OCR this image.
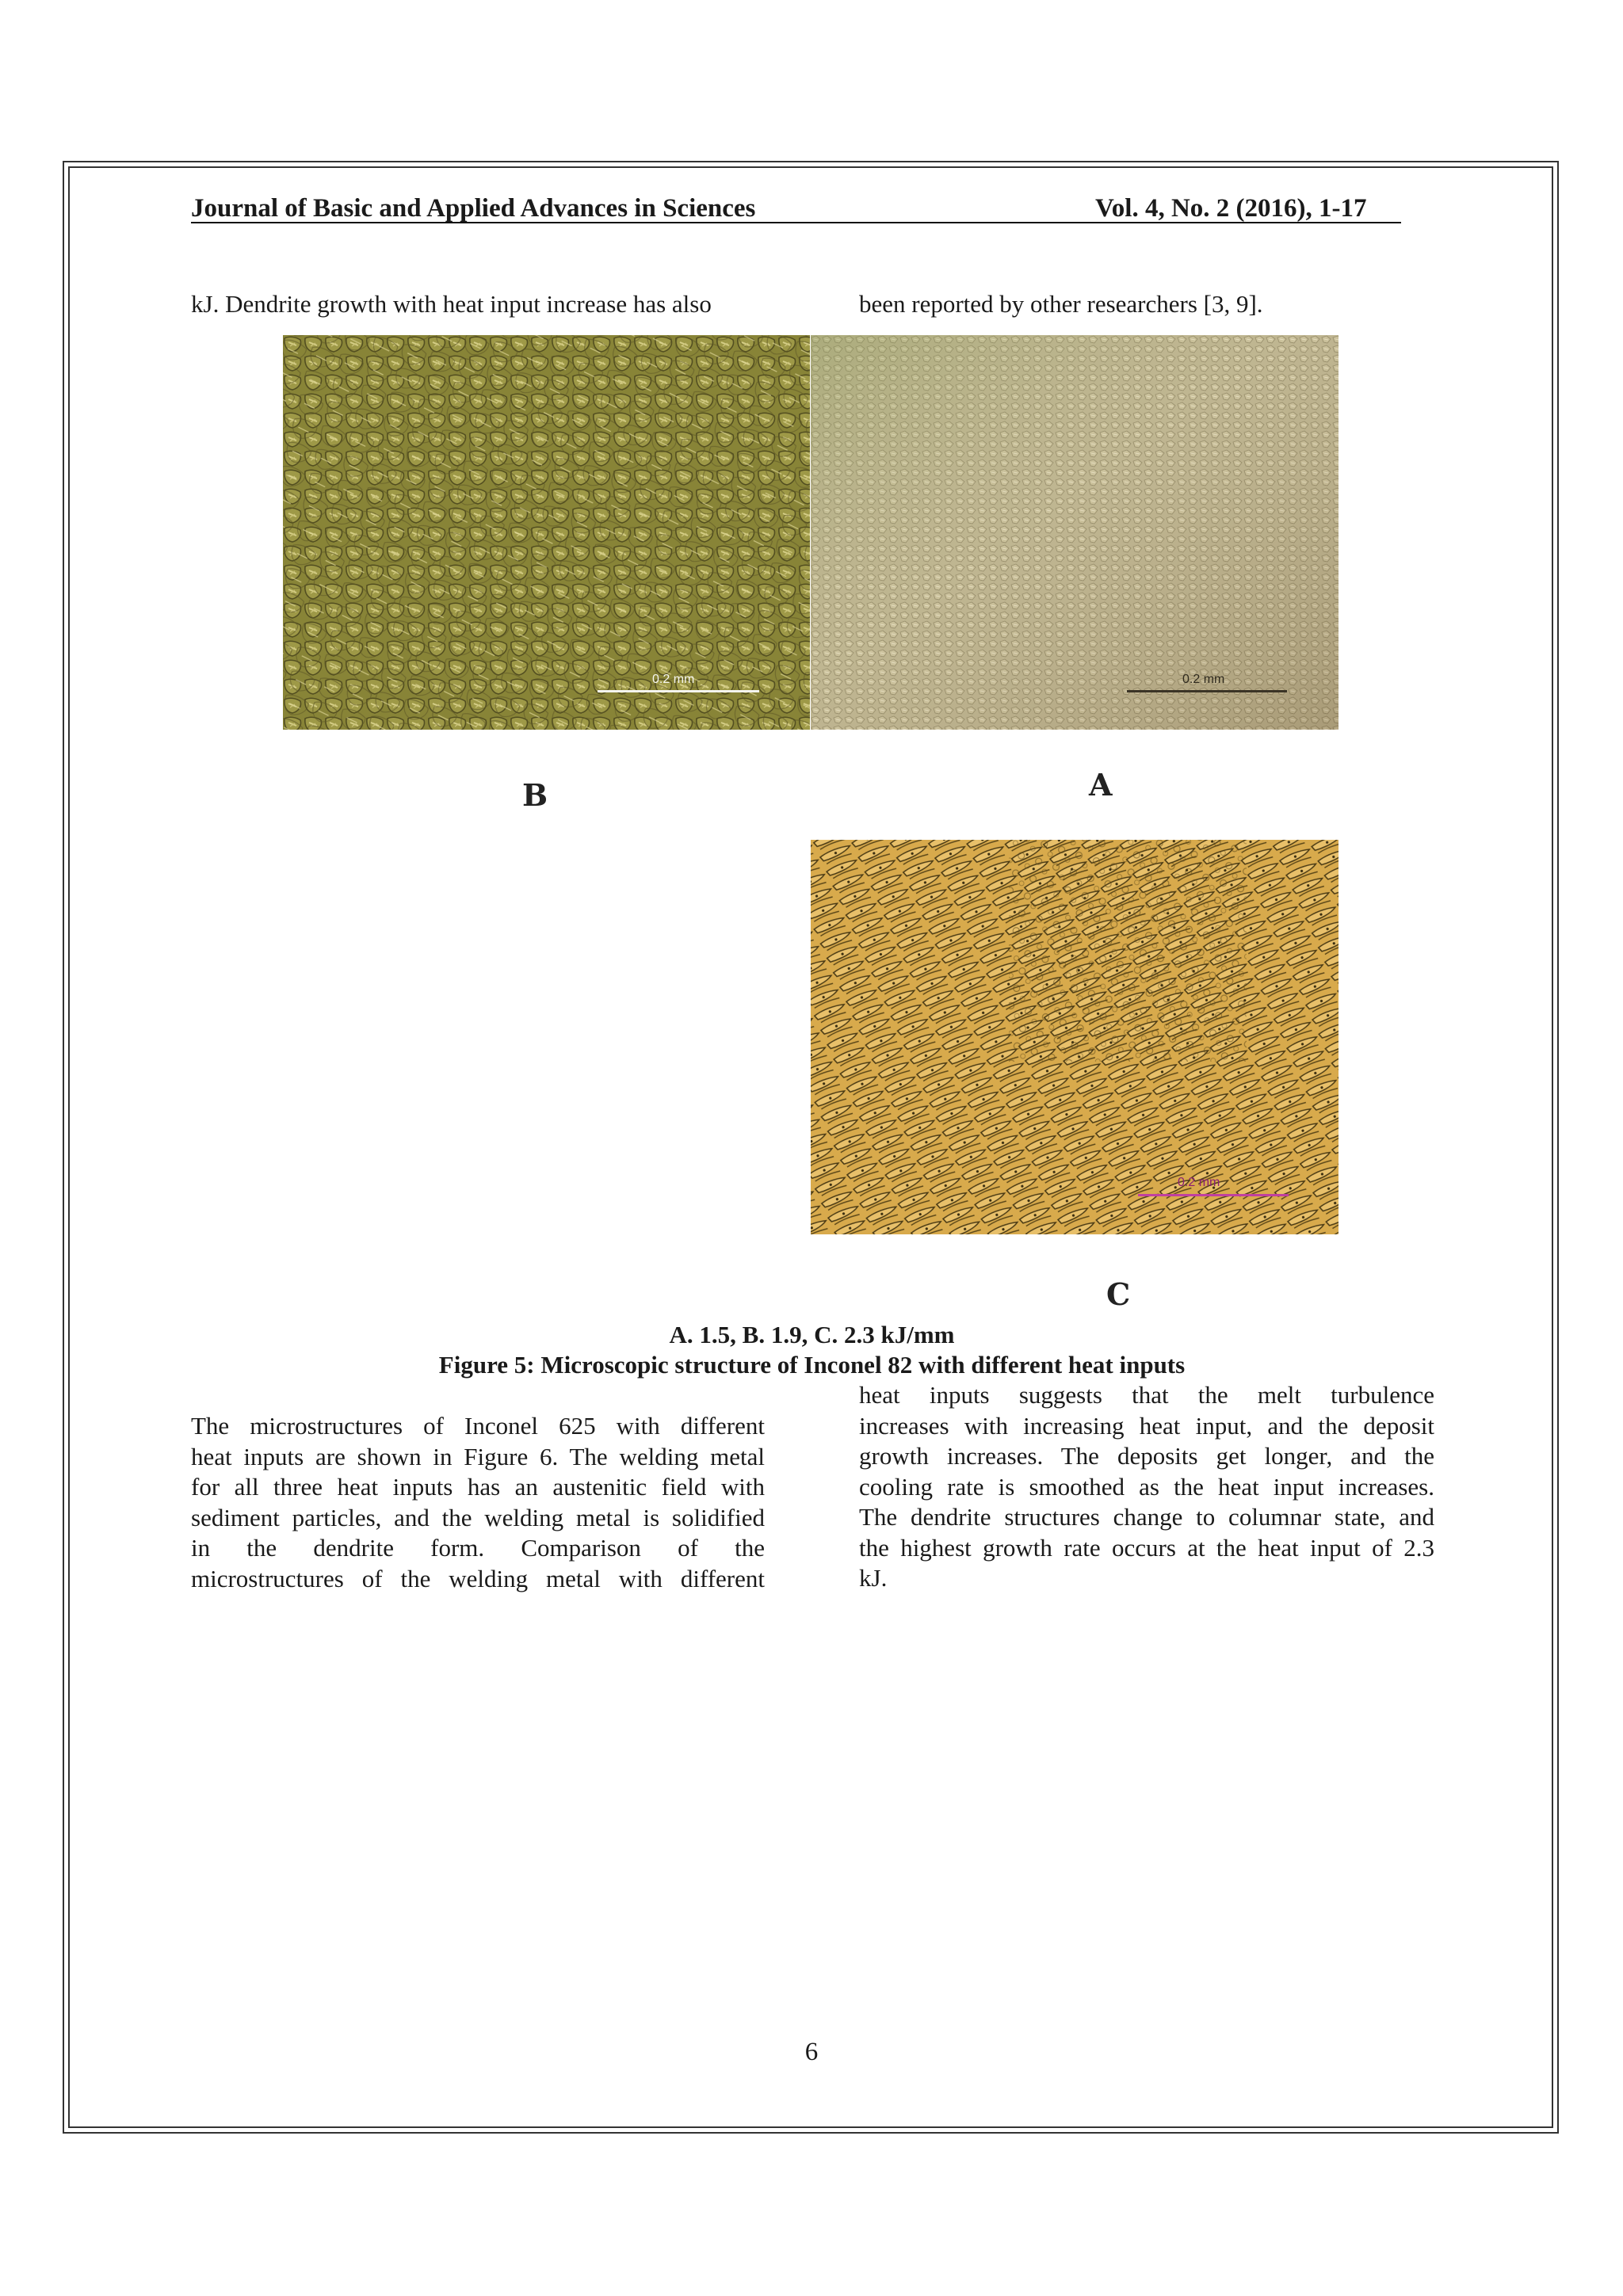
Journal of Basic and Applied Advances in Sciences	Vol. 4, No. 2 (2016), 1-17
kJ. Dendrite growth with heat input increase has also	been reported by other researchers [3, 9].
0.2 mm	0.2 mm
B	A
0.2 mm
C
A. 1.5, B. 1.9, C. 2.3 kJ/mm
Figure 5: Microscopic structure of Inconel 82 with different heat inputs
The microstructures of Inconel 625 with different
heat inputs are shown in Figure 6. The welding metal
for all three heat inputs has an austenitic field with
sediment particles, and the welding metal is solidified
in the dendrite form. Comparison of the
microstructures of the welding metal with different
heat inputs suggests that the melt turbulence
increases with increasing heat input, and the deposit
growth increases. The deposits get longer, and the
cooling rate is smoothed as the heat input increases.
The dendrite structures change to columnar state, and
the highest growth rate occurs at the heat input of 2.3
kJ.
6
